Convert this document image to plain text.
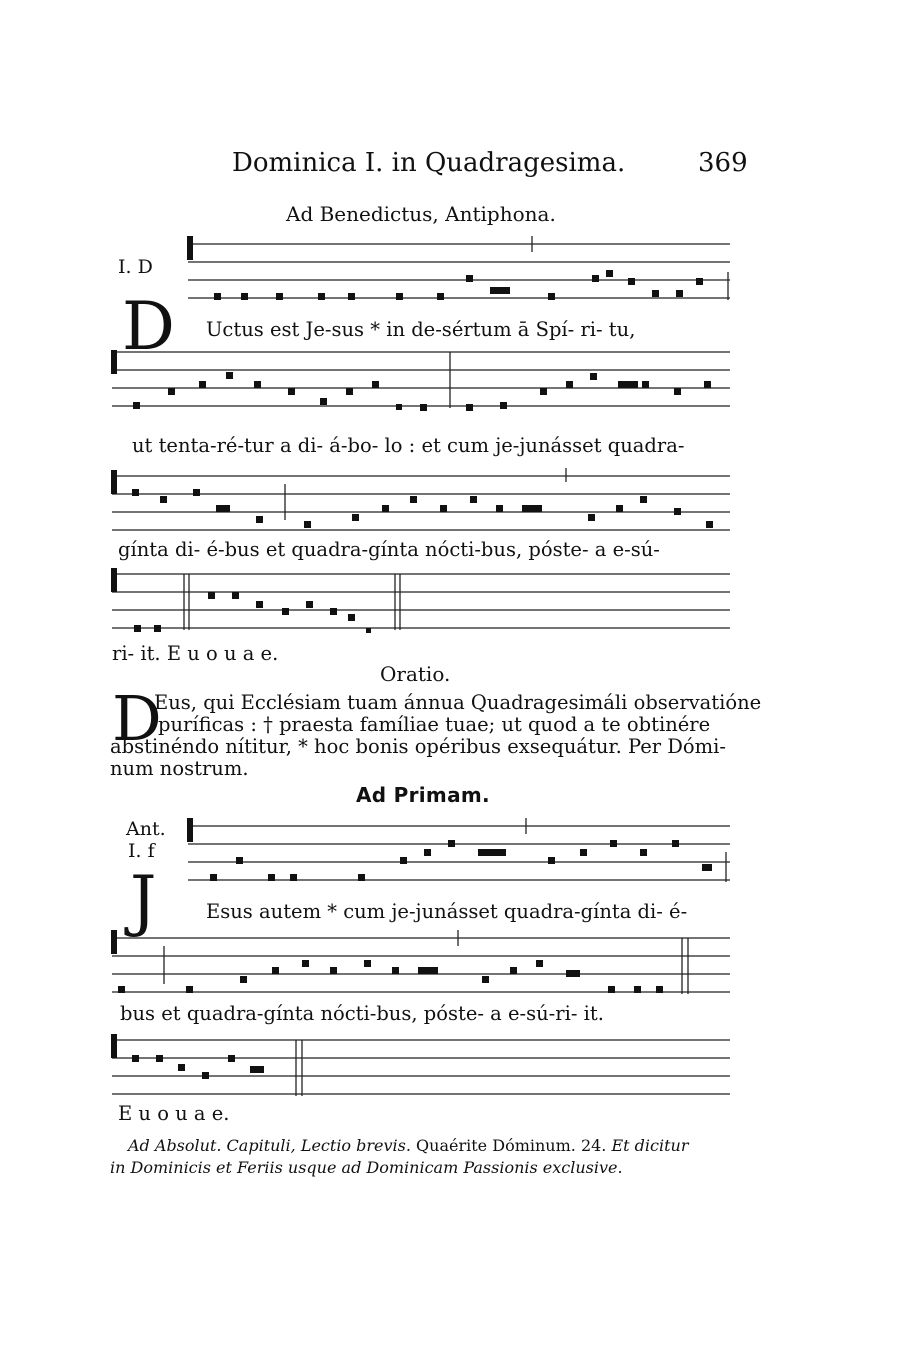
Dominica I. in Quadragesima.	369
Ad Benedictus, Antiphona.
I. D
D Uctus est Je-sus * in de-sértum ā Spí- ri- tu,
ut tenta-ré-tur a di- á-bo- lo : et cum je-junásset quadra-
gínta di- é-bus et quadra-gínta nócti-bus, póste- a e-sú-
ri- it. E u o u a e.
Oratio.
D
Eus, qui Ecclésiam tuam ánnua Quadragesimáli observatióne
puríficas : † praesta famíliae tuae; ut quod a te obtinére
abstinéndo nítitur, * hoc bonis opéribus exsequátur. Per Dómi-
num nostrum.
Ad Primam.
Ant.
I. f
J	Esus autem * cum je-junásset quadra-gínta di- é-
bus et quadra-gínta nócti-bus, póste- a e-sú-ri- it.
E u o u a e.
Ad Absolut. Capituli, Lectio brevis. Quaérite Dóminum. 24. Et dicitur
in Dominicis et Feriis usque ad Dominicam Passionis exclusive.
